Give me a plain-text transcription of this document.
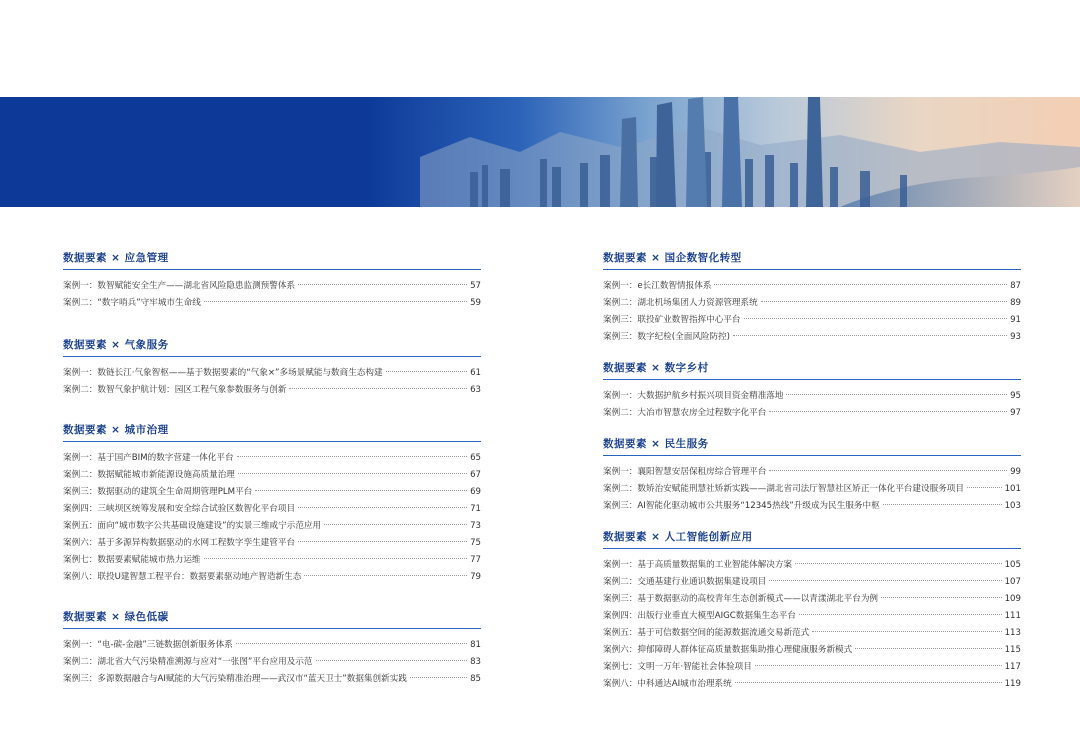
数据要素 × 应急管理
案例一：数智赋能安全生产——湖北省风险隐患监测预警体系	57
案例二：“数字哨兵”守牢城市生命线	59
数据要素 × 气象服务
案例一：数链长江·气象智枢——基于数据要素的“气象×”多场景赋能与数商生态构建	61
案例二：数智气象护航计划：园区工程气象参数服务与创新	63
数据要素 × 城市治理
案例一：基于国产BIM的数字营建一体化平台	65
案例二：数据赋能城市新能源设施高质量治理	67
案例三：数据驱动的建筑全生命周期管理PLM平台	69
案例四：三峡坝区统筹发展和安全综合试验区数智化平台项目	71
案例五：面向“城市数字公共基础设施建设”的实景三维咸宁示范应用	73
案例六：基于多源异构数据驱动的水网工程数字孪生建管平台	75
案例七：数据要素赋能城市热力运维	77
案例八：联投U建智慧工程平台：数据要素驱动地产智造新生态	79
数据要素 × 绿色低碳
案例一：“电-碳-金融”三链数据创新服务体系	81
案例二：湖北省大气污染精准溯源与应对“一张图”平台应用及示范	83
案例三：多源数据融合与AI赋能的大气污染精准治理——武汉市“蓝天卫士”数据集创新实践	85
数据要素 × 国企数智化转型
案例一：e长江数智情报体系	87
案例二：湖北机场集团人力资源管理系统	89
案例三：联投矿业数智指挥中心平台	91
案例三：数字纪检(全面风险防控)	93
数据要素 × 数字乡村
案例一：大数据护航乡村振兴项目资金精准落地	95
案例二：大冶市智慧农房全过程数字化平台	97
数据要素 × 民生服务
案例一：襄阳智慧安居保租房综合管理平台	99
案例二：数矫治安赋能刑慧社矫新实践——湖北省司法厅智慧社区矫正一体化平台建设服务项目	101
案例三：AI智能化驱动城市公共服务“12345热线”升级成为民生服务中枢	103
数据要素 × 人工智能创新应用
案例一：基于高质量数据集的工业智能体解决方案	105
案例二：交通基建行业通识数据集建设项目	107
案例三：基于数据驱动的高校青年生态创新模式——以青漾湖北平台为例	109
案例四：出版行业垂直大模型AIGC数据集生态平台	111
案例五：基于可信数据空间的能源数据流通交易新范式	113
案例六：抑郁障碍人群体征高质量数据集助推心理健康服务新模式	115
案例七：文明一万年·智能社会体验项目	117
案例八：中科通达AI城市治理系统	119
